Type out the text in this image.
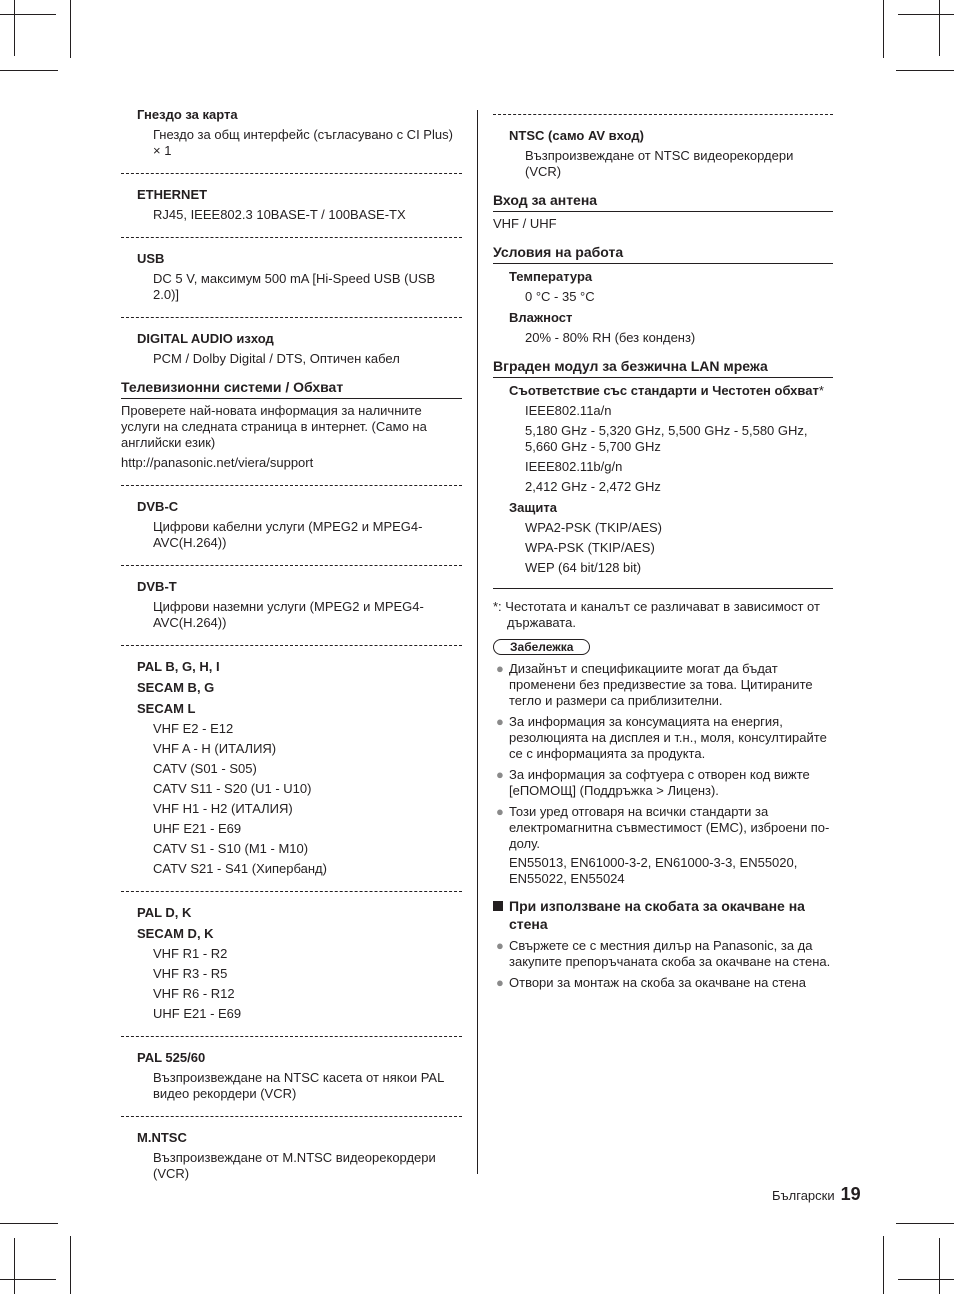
Гнездо за карта
Гнездо за общ интерфейс (съгласувано с CI Plus) × 1
ETHERNET
RJ45, IEEE802.3 10BASE-T / 100BASE-TX
USB
DC 5 V, максимум 500 mA [Hi-Speed USB (USB 2.0)]
DIGITAL AUDIO изход
PCM / Dolby Digital / DTS, Оптичен кабел
Телевизионни системи / Обхват
Проверете най-новата информация за наличните услуги на следната страница в интернет. (Само на английски език)
http://panasonic.net/viera/support
DVB-C
Цифрови кабелни услуги (MPEG2 и MPEG4-AVC(H.264))
DVB-T
Цифрови наземни услуги (MPEG2 и MPEG4-AVC(H.264))
PAL B, G, H, I
SECAM B, G
SECAM L
VHF E2 - E12
VHF A - H (ИТАЛИЯ)
CATV (S01 - S05)
CATV S11 - S20 (U1 - U10)
VHF H1 - H2 (ИТАЛИЯ)
UHF E21 - E69
CATV S1 - S10 (M1 - M10)
CATV S21 - S41 (Хипербанд)
PAL D, K
SECAM D, K
VHF R1 - R2
VHF R3 - R5
VHF R6 - R12
UHF E21 - E69
PAL 525/60
Възпроизвеждане на NTSC касета от някои PAL видео рекордери (VCR)
M.NTSC
Възпроизвеждане от M.NTSC видеорекордери (VCR)
NTSC (само AV вход)
Възпроизвеждане от NTSC видеорекордери (VCR)
Вход за антена
VHF / UHF
Условия на работа
Температура
0 °C - 35 °C
Влажност
20% - 80% RH (без конденз)
Вграден модул за безжична LAN мрежа
Съответствие със стандарти и Честотен обхват*
IEEE802.11a/n
5,180 GHz - 5,320 GHz, 5,500 GHz - 5,580 GHz, 5,660 GHz - 5,700 GHz
IEEE802.11b/g/n
2,412 GHz - 2,472 GHz
Защита
WPA2-PSK (TKIP/AES)
WPA-PSK (TKIP/AES)
WEP (64 bit/128 bit)
*: Честотата и каналът се различават в зависимост от държавата.
Забележка
● Дизайнът и спецификациите могат да бъдат променени без предизвестие за това. Цитираните тегло и размери са приблизителни.
● За информация за консумацията на енергия, резолюцията на дисплея и т.н., моля, консултирайте се с информацията за продукта.
● За информация за софтуера с отворен код вижте [еПОМОЩ] (Поддръжка > Лиценз).
● Този уред отговаря на всички стандарти за електромагнитна съвместимост (EMC), изброени по-долу.
EN55013, EN61000-3-2, EN61000-3-3, EN55020, EN55022, EN55024
При използване на скобата за окачване на стена
● Свържете се с местния дилър на Panasonic, за да закупите препоръчаната скоба за окачване на стена.
● Отвори за монтаж на скоба за окачване на стена
Български 19
